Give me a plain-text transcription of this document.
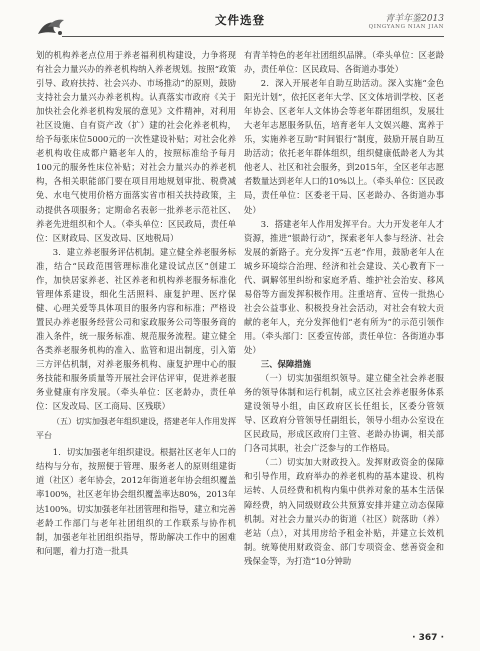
文件选登	青羊年鉴2013
QINGYANG NIAN JIAN

划的机构养老点位用于养老福利机构建设，力争将现有社会力量兴办的养老机构纳入养老规划。按照“政策引导、政府扶持、社会兴办、市场推动”的原则，鼓励支持社会力量兴办养老机构。认真落实市政府《关于加快社会化养老机构发展的意见》文件精神，对利用社区设施、自有资产改（扩）建的社会化养老机构，给予每张床位5000元的一次性建设补贴；对社会化养老机构收住成都户籍老年人的，按照标准给予每月100元的服务性床位补贴；对社会力量兴办的养老机构，各相关职能部门要在项目用地规划审批、税费减免、水电气使用价格方面落实省市相关扶持政策，主动提供各项服务；定期命名表彰一批养老示范社区、养老先进组织和个人。（牵头单位：区民政局，责任单位：区财政局、区发改局、区地税局）

3．建立养老服务评估机制。建立健全养老服务标准，结合“民政范围管理标准化建设试点区”创建工作，加快居家养老、社区养老和机构养老服务标准化管理体系建设，细化生活照料、康复护理、医疗保健、心理关爱等具体项目的服务内容和标准；严格设置民办养老服务经营公司和家政服务公司等服务商的准入条件，统一服务标准、规范服务流程。建立健全各类养老服务机构的准入、监管和退出制度，引入第三方评估机制，对养老服务机构、康复护理中心的服务技能和服务质量等开展社会评估评审，促进养老服务业健康有序发展。（牵头单位：区老龄办，责任单位：区发改局、区工商局、区残联）

（五）切实加强老年组织建设，搭建老年人作用发挥平台

1．切实加强老年组织建设。根据社区老年人口的结构与分布，按照便于管理、服务老人的原则组建街道（社区）老年协会，2012年街道老年协会组织覆盖率100%，社区老年协会组织覆盖率达80%，2013年达100%。切实加强老年社团管理和指导，建立和完善老龄工作部门与老年社团组织的工作联系与协作机制，加强老年社团组织指导，帮助解决工作中的困难和问题，着力打造一批具

有青羊特色的老年社团组织品牌。（牵头单位：区老龄办，责任单位：区民政局、各街道办事处）

2．深入开展老年自助互助活动。深入实施“金色阳光计划”，依托区老年大学、区文体培训学校、区老年协会、区老年人文体协会等老年群团组织，发展壮大老年志愿服务队伍，培育老年人文娱兴趣、寓养于乐，实施养老互助“时间银行”制度，鼓励开展自助互助活动；依托老年群体组织，组织健康低龄老人为其他老人、社区和社会服务，到2015年，全区老年志愿者数量达到老年人口的10%以上。（牵头单位：区民政局，责任单位：区委老干局、区老龄办、各街道办事处）

3．搭建老年人作用发挥平台。大力开发老年人才资源，推进“银龄行动”，探索老年人参与经济、社会发展的新路子。充分发挥“五老”作用，鼓励老年人在城乡环境综合治理、经济和社会建设、关心教育下一代、调解邻里纠纷和家庭矛盾、维护社会治安、移风易俗等方面发挥积极作用。注重培育、宣传一批热心社会公益事业、积极投身社会活动，对社会有较大贡献的老年人，充分发挥他们“老有所为”的示范引领作用。（牵头部门：区委宣传部，责任单位：各街道办事处）

三、保障措施

（一）切实加强组织领导。建立健全社会养老服务的领导体制和运行机制，成立区社会养老服务体系建设领导小组，由区政府区长任组长，区委分管领导、区政府分管领导任副组长，领导小组办公室设在区民政局，形成区政府门主管、老龄办协调，相关部门各司其职，社会广泛参与的工作格局。

（二）切实加大财政投入。发挥财政资金的保障和引导作用，政府举办的养老机构的基本建设、机构运转、人员经费和机构内集中供养对象的基本生活保障经费，纳入同级财政公共预算安排并建立动态保障机制。对社会力量兴办的街道（社区）院落助（养）老站（点），对其用房给予租金补贴，并建立长效机制。统筹使用财政资金、部门专项资金、慈善资金和残保金等，为打造“10分钟助

· 367 ·
